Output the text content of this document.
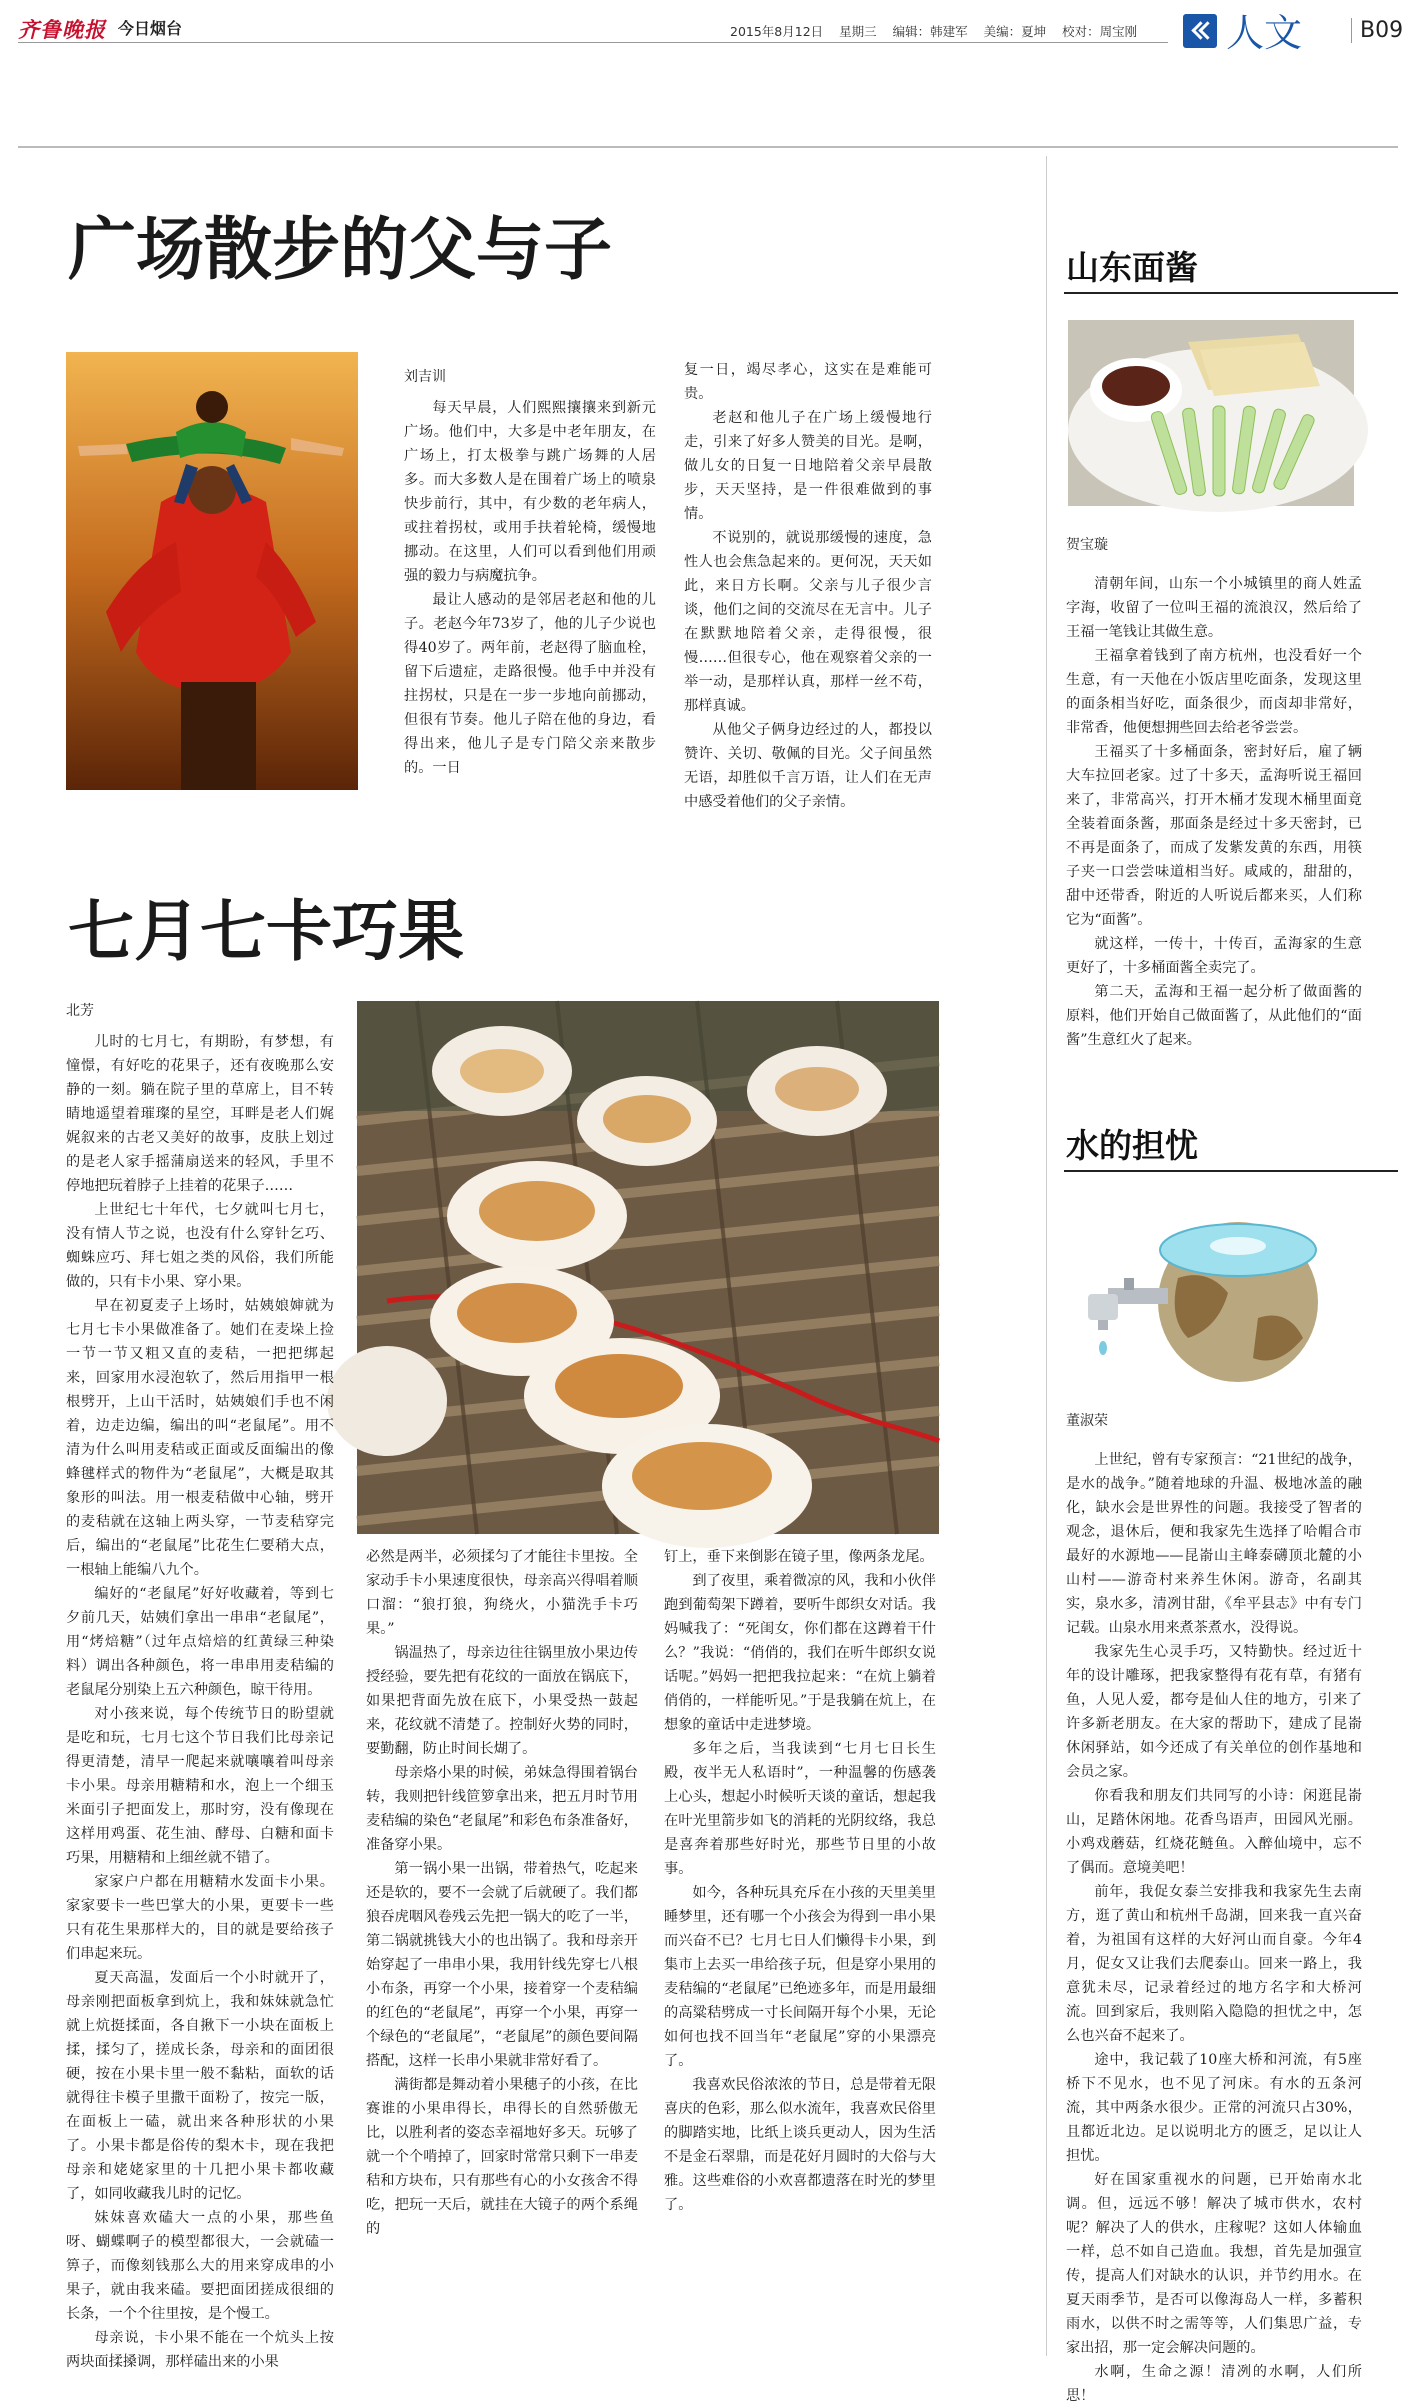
齐鲁晚报 今日烟台	2015年8月12日 星期三 编辑：韩建军 美编：夏坤 校对：周宝刚	人文	B09
广场散步的父与子
刘吉训

每天早晨，人们熙熙攘攘来到新元广场。他们中，大多是中老年朋友，在广场上，打太极拳与跳广场舞的人居多。而大多数人是在围着广场上的喷泉快步前行，其中，有少数的老年病人，或拄着拐杖，或用手扶着轮椅，缓慢地挪动。在这里，人们可以看到他们用顽强的毅力与病魔抗争。

最让人感动的是邻居老赵和他的儿子。老赵今年73岁了，他的儿子少说也得40岁了。两年前，老赵得了脑血栓，留下后遗症，走路很慢。他手中并没有拄拐杖，只是在一步一步地向前挪动，但很有节奏。他儿子陪在他的身边，看得出来，他儿子是专门陪父亲来散步的。一日

复一日，竭尽孝心，这实在是难能可贵。

老赵和他儿子在广场上缓慢地行走，引来了好多人赞美的目光。是啊，做儿女的日复一日地陪着父亲早晨散步，天天坚持，是一件很难做到的事情。

不说别的，就说那缓慢的速度，急性人也会焦急起来的。更何况，天天如此，来日方长啊。父亲与儿子很少言谈，他们之间的交流尽在无言中。儿子在默默地陪着父亲，走得很慢，很慢……但很专心，他在观察着父亲的一举一动，是那样认真，那样一丝不苟，那样真诚。

从他父子俩身边经过的人，都投以赞许、关切、敬佩的目光。父子间虽然无语，却胜似千言万语，让人们在无声中感受着他们的父子亲情。

七月七卡巧果
北芳

儿时的七月七，有期盼，有梦想，有憧憬，有好吃的花果子，还有夜晚那么安静的一刻。躺在院子里的草席上，目不转睛地遥望着璀璨的星空，耳畔是老人们娓娓叙来的古老又美好的故事，皮肤上划过的是老人家手摇蒲扇送来的轻风，手里不停地把玩着脖子上挂着的花果子……

上世纪七十年代，七夕就叫七月七，没有情人节之说，也没有什么穿针乞巧、蜘蛛应巧、拜七姐之类的风俗，我们所能做的，只有卡小果、穿小果。

早在初夏麦子上场时，姑姨娘婶就为七月七卡小果做准备了。她们在麦垛上捡一节一节又粗又直的麦秸，一把把绑起来，回家用水浸泡软了，然后用指甲一根根劈开，上山干活时，姑姨娘们手也不闲着，边走边编，编出的叫“老鼠尾”。用不清为什么叫用麦秸或正面或反面编出的像蜂毽样式的物件为“老鼠尾”，大概是取其象形的叫法。用一根麦秸做中心轴，劈开的麦秸就在这轴上两头穿，一节麦秸穿完后，编出的“老鼠尾”比花生仁要稍大点，一根轴上能编八九个。

编好的“老鼠尾”好好收藏着，等到七夕前几天，姑姨们拿出一串串“老鼠尾”，用“烤焙糖”（过年点焙焙的红黄绿三种染料）调出各种颜色，将一串串用麦秸编的老鼠尾分别染上五六种颜色，晾干待用。

对小孩来说，每个传统节日的盼望就是吃和玩，七月七这个节日我们比母亲记得更清楚，清早一爬起来就嚷嚷着叫母亲卡小果。母亲用糖精和水，泡上一个细玉米面引子把面发上，那时穷，没有像现在这样用鸡蛋、花生油、酵母、白糖和面卡巧果，用糖精和上细丝就不错了。

家家户户都在用糖精水发面卡小果。家家要卡一些巴掌大的小果，更要卡一些只有花生果那样大的，目的就是要给孩子们串起来玩。

夏天高温，发面后一个小时就开了，母亲刚把面板拿到炕上，我和妹妹就急忙就上炕挺揉面，各自揪下一小块在面板上揉，揉匀了，搓成长条，母亲和的面团很硬，按在小果卡里一般不黏粘，面软的话就得往卡模子里撒干面粉了，按完一版，在面板上一磕，就出来各种形状的小果了。小果卡都是俗传的梨木卡，现在我把母亲和姥姥家里的十几把小果卡都收藏了，如同收藏我儿时的记忆。

妹妹喜欢磕大一点的小果，那些鱼呀、蝴蝶啊子的模型都很大，一会就磕一箅子，而像刻钱那么大的用来穿成串的小果子，就由我来磕。要把面团搓成很细的长条，一个个往里按，是个慢工。

母亲说，卡小果不能在一个炕头上按两块面揉搡调，那样磕出来的小果

必然是两半，必须揉匀了才能往卡里按。全家动手卡小果速度很快，母亲高兴得唱着顺口溜：“狼打狼，狗绕火，小猫洗手卡巧果。”

锅温热了，母亲边往往锅里放小果边传授经验，要先把有花纹的一面放在锅底下，如果把背面先放在底下，小果受热一鼓起来，花纹就不清楚了。控制好火势的同时，要勤翻，防止时间长煳了。

母亲烙小果的时候，弟妹急得围着锅台转，我则把针线笸箩拿出来，把五月时节用麦秸编的染色“老鼠尾”和彩色布条准备好，准备穿小果。

第一锅小果一出锅，带着热气，吃起来还是软的，要不一会就了后就硬了。我们都狼吞虎咽风卷残云先把一锅大的吃了一半，第二锅就挑钱大小的也出锅了。我和母亲开始穿起了一串串小果，我用针线先穿七八根小布条，再穿一个小果，接着穿一个麦秸编的红色的“老鼠尾”，再穿一个小果，再穿一个绿色的“老鼠尾”，“老鼠尾”的颜色要间隔搭配，这样一长串小果就非常好看了。

满街都是舞动着小果穗子的小孩，在比赛谁的小果串得长，串得长的自然骄傲无比，以胜利者的姿态幸福地好多天。玩够了就一个个啃掉了，回家时常常只剩下一串麦秸和方块布，只有那些有心的小女孩舍不得吃，把玩一天后，就挂在大镜子的两个系绳的

钉上，垂下来倒影在镜子里，像两条龙尾。

到了夜里，乘着微凉的风，我和小伙伴跑到葡萄架下蹲着，要听牛郎织女对话。我妈喊我了：“死闺女，你们都在这蹲着干什么？”我说：“俏俏的，我们在听牛郎织女说话呢。”妈妈一把把我拉起来：“在炕上躺着俏俏的，一样能听见。”于是我躺在炕上，在想象的童话中走进梦境。

多年之后，当我读到“七月七日长生殿，夜半无人私语时”，一种温馨的伤感袭上心头，想起小时候听天谈的童话，想起我在叶光里箭步如飞的消耗的光阴纹络，我总是喜奔着那些好时光，那些节日里的小故事。

如今，各种玩具充斥在小孩的天里美里睡梦里，还有哪一个小孩会为得到一串小果而兴奋不已？七月七日人们懒得卡小果，到集市上去买一串给孩子玩，但是穿小果用的麦秸编的“老鼠尾”已绝迹多年，而是用最细的高粱秸劈成一寸长间隔开每个小果，无论如何也找不回当年“老鼠尾”穿的小果漂亮了。

我喜欢民俗浓浓的节日，总是带着无限喜庆的色彩，那么似水流年，我喜欢民俗里的脚踏实地，比纸上谈兵更动人，因为生活不是金石翠鼎，而是花好月圆时的大俗与大雅。这些难俗的小欢喜都遗落在时光的梦里了。

山东面酱
贺宝璇

清朝年间，山东一个小城镇里的商人姓孟字海，收留了一位叫王福的流浪汉，然后给了王福一笔钱让其做生意。

王福拿着钱到了南方杭州，也没看好一个生意，有一天他在小饭店里吃面条，发现这里的面条相当好吃，面条很少，而卤却非常好，非常香，他便想拥些回去给老爷尝尝。

王福买了十多桶面条，密封好后，雇了辆大车拉回老家。过了十多天，孟海听说王福回来了，非常高兴，打开木桶才发现木桶里面竟全装着面条酱，那面条是经过十多天密封，已不再是面条了，而成了发紫发黄的东西，用筷子夹一口尝尝味道相当好。咸咸的，甜甜的，甜中还带香，附近的人听说后都来买，人们称它为“面酱”。

就这样，一传十，十传百，孟海家的生意更好了，十多桶面酱全卖完了。

第二天，孟海和王福一起分析了做面酱的原料，他们开始自己做面酱了，从此他们的“面酱”生意红火了起来。

水的担忧
董淑荣

上世纪，曾有专家预言：“21世纪的战争，是水的战争。”随着地球的升温、极地冰盖的融化，缺水会是世界性的问题。我接受了智者的观念，退休后，便和我家先生选择了哈帽合市最好的水源地——昆嵛山主峰泰礴顶北麓的小山村——游奇村来养生休闲。游奇，名副其实，泉水多，清冽甘甜，《牟平县志》中有专门记载。山泉水用来煮茶煮水，没得说。

我家先生心灵手巧，又特勤快。经过近十年的设计雕琢，把我家整得有花有草，有猪有鱼，人见人爱，都夸是仙人住的地方，引来了许多新老朋友。在大家的帮助下，建成了昆嵛休闲驿站，如今还成了有关单位的创作基地和会员之家。

你看我和朋友们共同写的小诗：闲逛昆嵛山，足踏休闲地。花香鸟语声，田园风光丽。小鸡戏蘑菇，红烧花鲢鱼。入醉仙境中，忘不了偶而。意境美吧！

前年，我促女泰兰安排我和我家先生去南方，逛了黄山和杭州千岛湖，回来我一直兴奋着，为祖国有这样的大好河山而自豪。今年4月，促女又让我们去爬泰山。回来一路上，我意犹未尽，记录着经过的地方名字和大桥河流。回到家后，我则陷入隐隐的担忧之中，怎么也兴奋不起来了。

途中，我记载了10座大桥和河流，有5座桥下不见水，也不见了河床。有水的五条河流，其中两条水很少。正常的河流只占30%，且都近北边。足以说明北方的匮乏，足以让人担忧。

好在国家重视水的问题，已开始南水北调。但，远远不够！解决了城市供水，农村呢？解决了人的供水，庄稼呢？这如人体输血一样，总不如自己造血。我想，首先是加强宣传，提高人们对缺水的认识，并节约用水。在夏天雨季节，是否可以像海岛人一样，多蓄积雨水，以供不时之需等等，人们集思广益，专家出招，那一定会解决问题的。

水啊，生命之源！清冽的水啊，人们所思！
